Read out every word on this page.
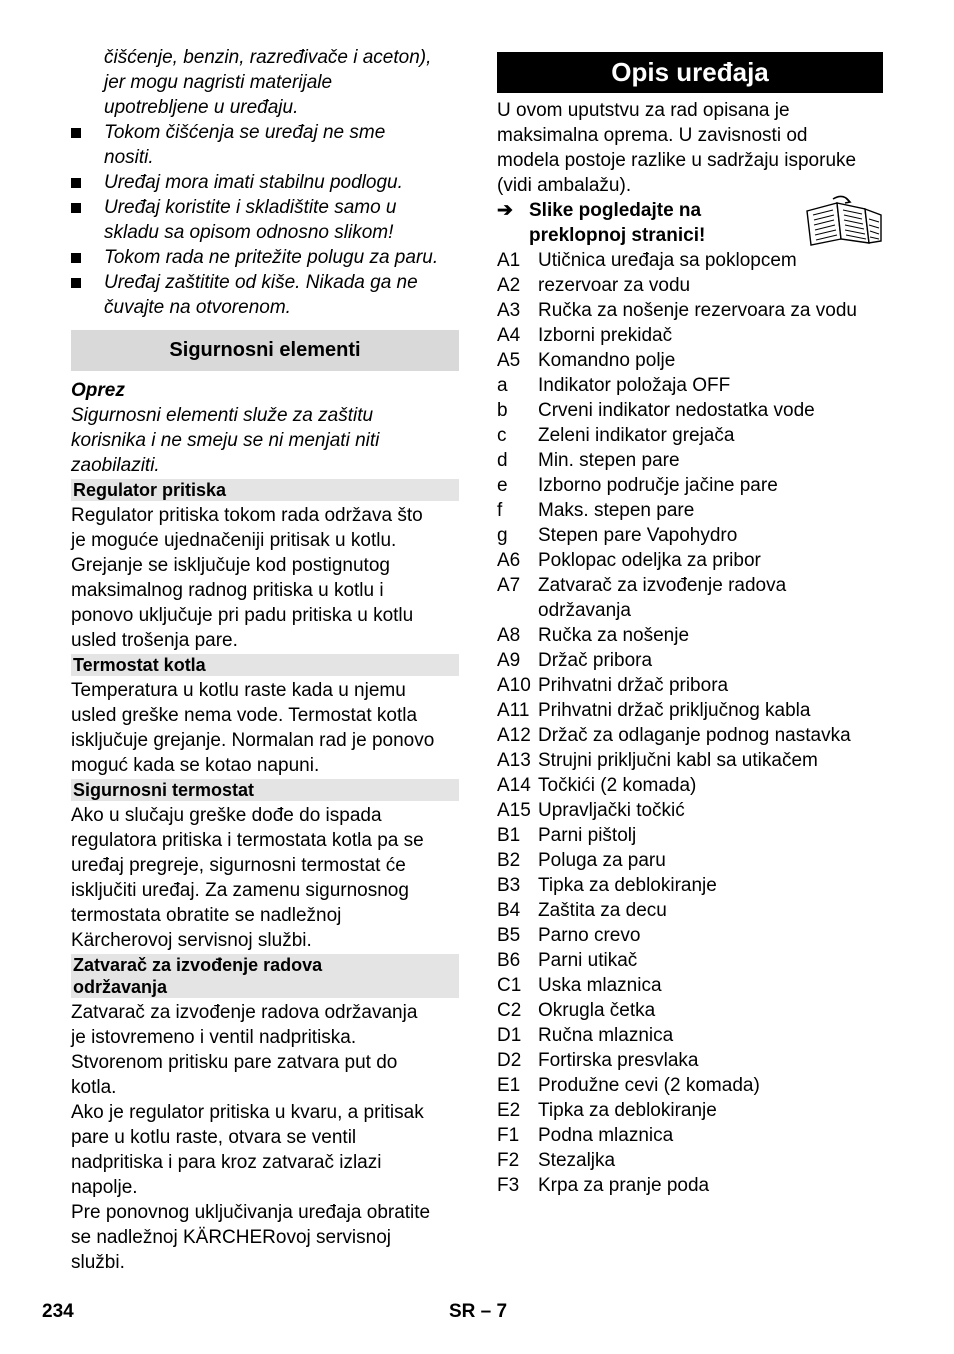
čišćenje, benzin, razređivače i aceton),

jer mogu nagristi materijale

upotrebljene u uređaju.

Tokom čišćenja se uređaj ne sme

nositi.

Uređaj mora imati stabilnu podlogu.

Uređaj koristite i skladištite samo u

skladu sa opisom odnosno slikom!

Tokom rada ne pritežite polugu za paru.

Uređaj zaštitite od kiše. Nikada ga ne

čuvajte na otvorenom.

Sigurnosni elementi

Oprez

Sigurnosni elementi služe za zaštitu

korisnika i ne smeju se ni menjati niti

zaobilaziti.

Regulator pritiska

Regulator pritiska tokom rada održava što

je moguće ujednačeniji pritisak u kotlu.

Grejanje se isključuje kod postignutog

maksimalnog radnog pritiska u kotlu i

ponovo uključuje pri padu pritiska u kotlu

usled trošenja pare.

Termostat kotla

Temperatura u kotlu raste kada u njemu

usled greške nema vode. Termostat kotla

isključuje grejanje. Normalan rad je ponovo

moguć kada se kotao napuni.

Sigurnosni termostat

Ako u slučaju greške dođe do ispada

regulatora pritiska i termostata kotla pa se

uređaj pregreje, sigurnosni termostat će

isključiti uređaj. Za zamenu sigurnosnog

termostata obratite se nadležnoj

Kärcherovoj servisnoj službi.

Zatvarač za izvođenje radova
održavanja

Zatvarač za izvođenje radova održavanja

je istovremeno i ventil nadpritiska.

Stvorenom pritisku pare zatvara put do

kotla.

Ako je regulator pritiska u kvaru, a pritisak

pare u kotlu raste, otvara se ventil

nadpritiska i para kroz zatvarač izlazi

napolje.

Pre ponovnog uključivanja uređaja obratite

se nadležnoj KÄRCHERovoj servisnoj

službi.

Opis uređaja

U ovom uputstvu za rad opisana je

maksimalna oprema. U zavisnosti od

modela postoje razlike u sadržaju isporuke

(vidi ambalažu).

➔ Slike pogledajte na

preklopnoj stranici!

A1 Utičnica uređaja sa poklopcem

A2 rezervoar za vodu

A3 Ručka za nošenje rezervoara za vodu

A4 Izborni prekidač

A5 Komandno polje

a	Indikator položaja OFF

b	Crveni indikator nedostatka vode

c	Zeleni indikator grejača

d	Min. stepen pare

e	Izborno područje jačine pare

f	Maks. stepen pare

g	Stepen pare Vapohydro

A6 Poklopac odeljka za pribor

A7 Zatvarač za izvođenje radova

održavanja

A8 Ručka za nošenje

A9 Držač pribora

A10 Prihvatni držač pribora

A11 Prihvatni držač priključnog kabla

A12 Držač za odlaganje podnog nastavka

A13 Strujni priključni kabl sa utikačem

A14 Točkići (2 komada)

A15 Upravljački točkić

B1 Parni pištolj

B2 Poluga za paru

B3 Tipka za deblokiranje

B4 Zaštita za decu

B5 Parno crevo

B6 Parni utikač

C1 Uska mlaznica

C2 Okrugla četka

D1 Ručna mlaznica

D2 Fortirska presvlaka

E1 Produžne cevi (2 komada)

E2 Tipka za deblokiranje

F1 Podna mlaznica

F2 Stezaljka

F3 Krpa za pranje poda

234	SR – 7
